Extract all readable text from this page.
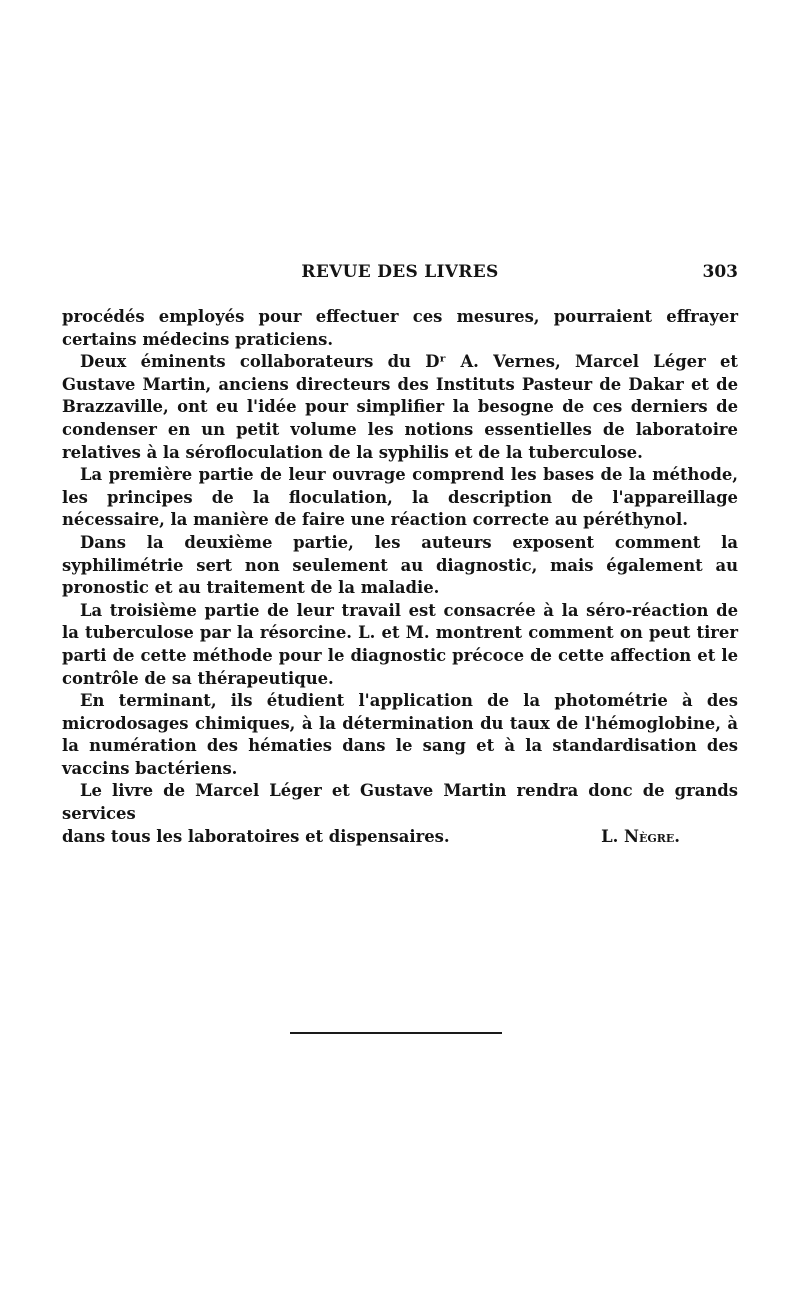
REVUE DES LIVRES	303

procédés employés pour effectuer ces mesures, pourraient effrayer certains médecins praticiens.

Deux éminents collaborateurs du Dʳ A. Vernes, Marcel Léger et Gustave Martin, anciens directeurs des Instituts Pasteur de Dakar et de Brazzaville, ont eu l'idée pour simplifier la besogne de ces derniers de condenser en un petit volume les notions essentielles de laboratoire relatives à la sérofloculation de la syphilis et de la tuberculose.

La première partie de leur ouvrage comprend les bases de la méthode, les principes de la floculation, la description de l'appareillage nécessaire, la manière de faire une réaction correcte au péréthynol.

Dans la deuxième partie, les auteurs exposent comment la syphilimétrie sert non seulement au diagnostic, mais également au pronostic et au traitement de la maladie.

La troisième partie de leur travail est consacrée à la séro-réaction de la tuberculose par la résorcine. L. et M. montrent comment on peut tirer parti de cette méthode pour le diagnostic précoce de cette affection et le contrôle de sa thérapeutique.

En terminant, ils étudient l'application de la photométrie à des microdosages chimiques, à la détermination du taux de l'hémoglobine, à la numération des hématies dans le sang et à la standardisation des vaccins bactériens.

Le livre de Marcel Léger et Gustave Martin rendra donc de grands services

dans tous les laboratoires et dispensaires.	L. Nègre.
